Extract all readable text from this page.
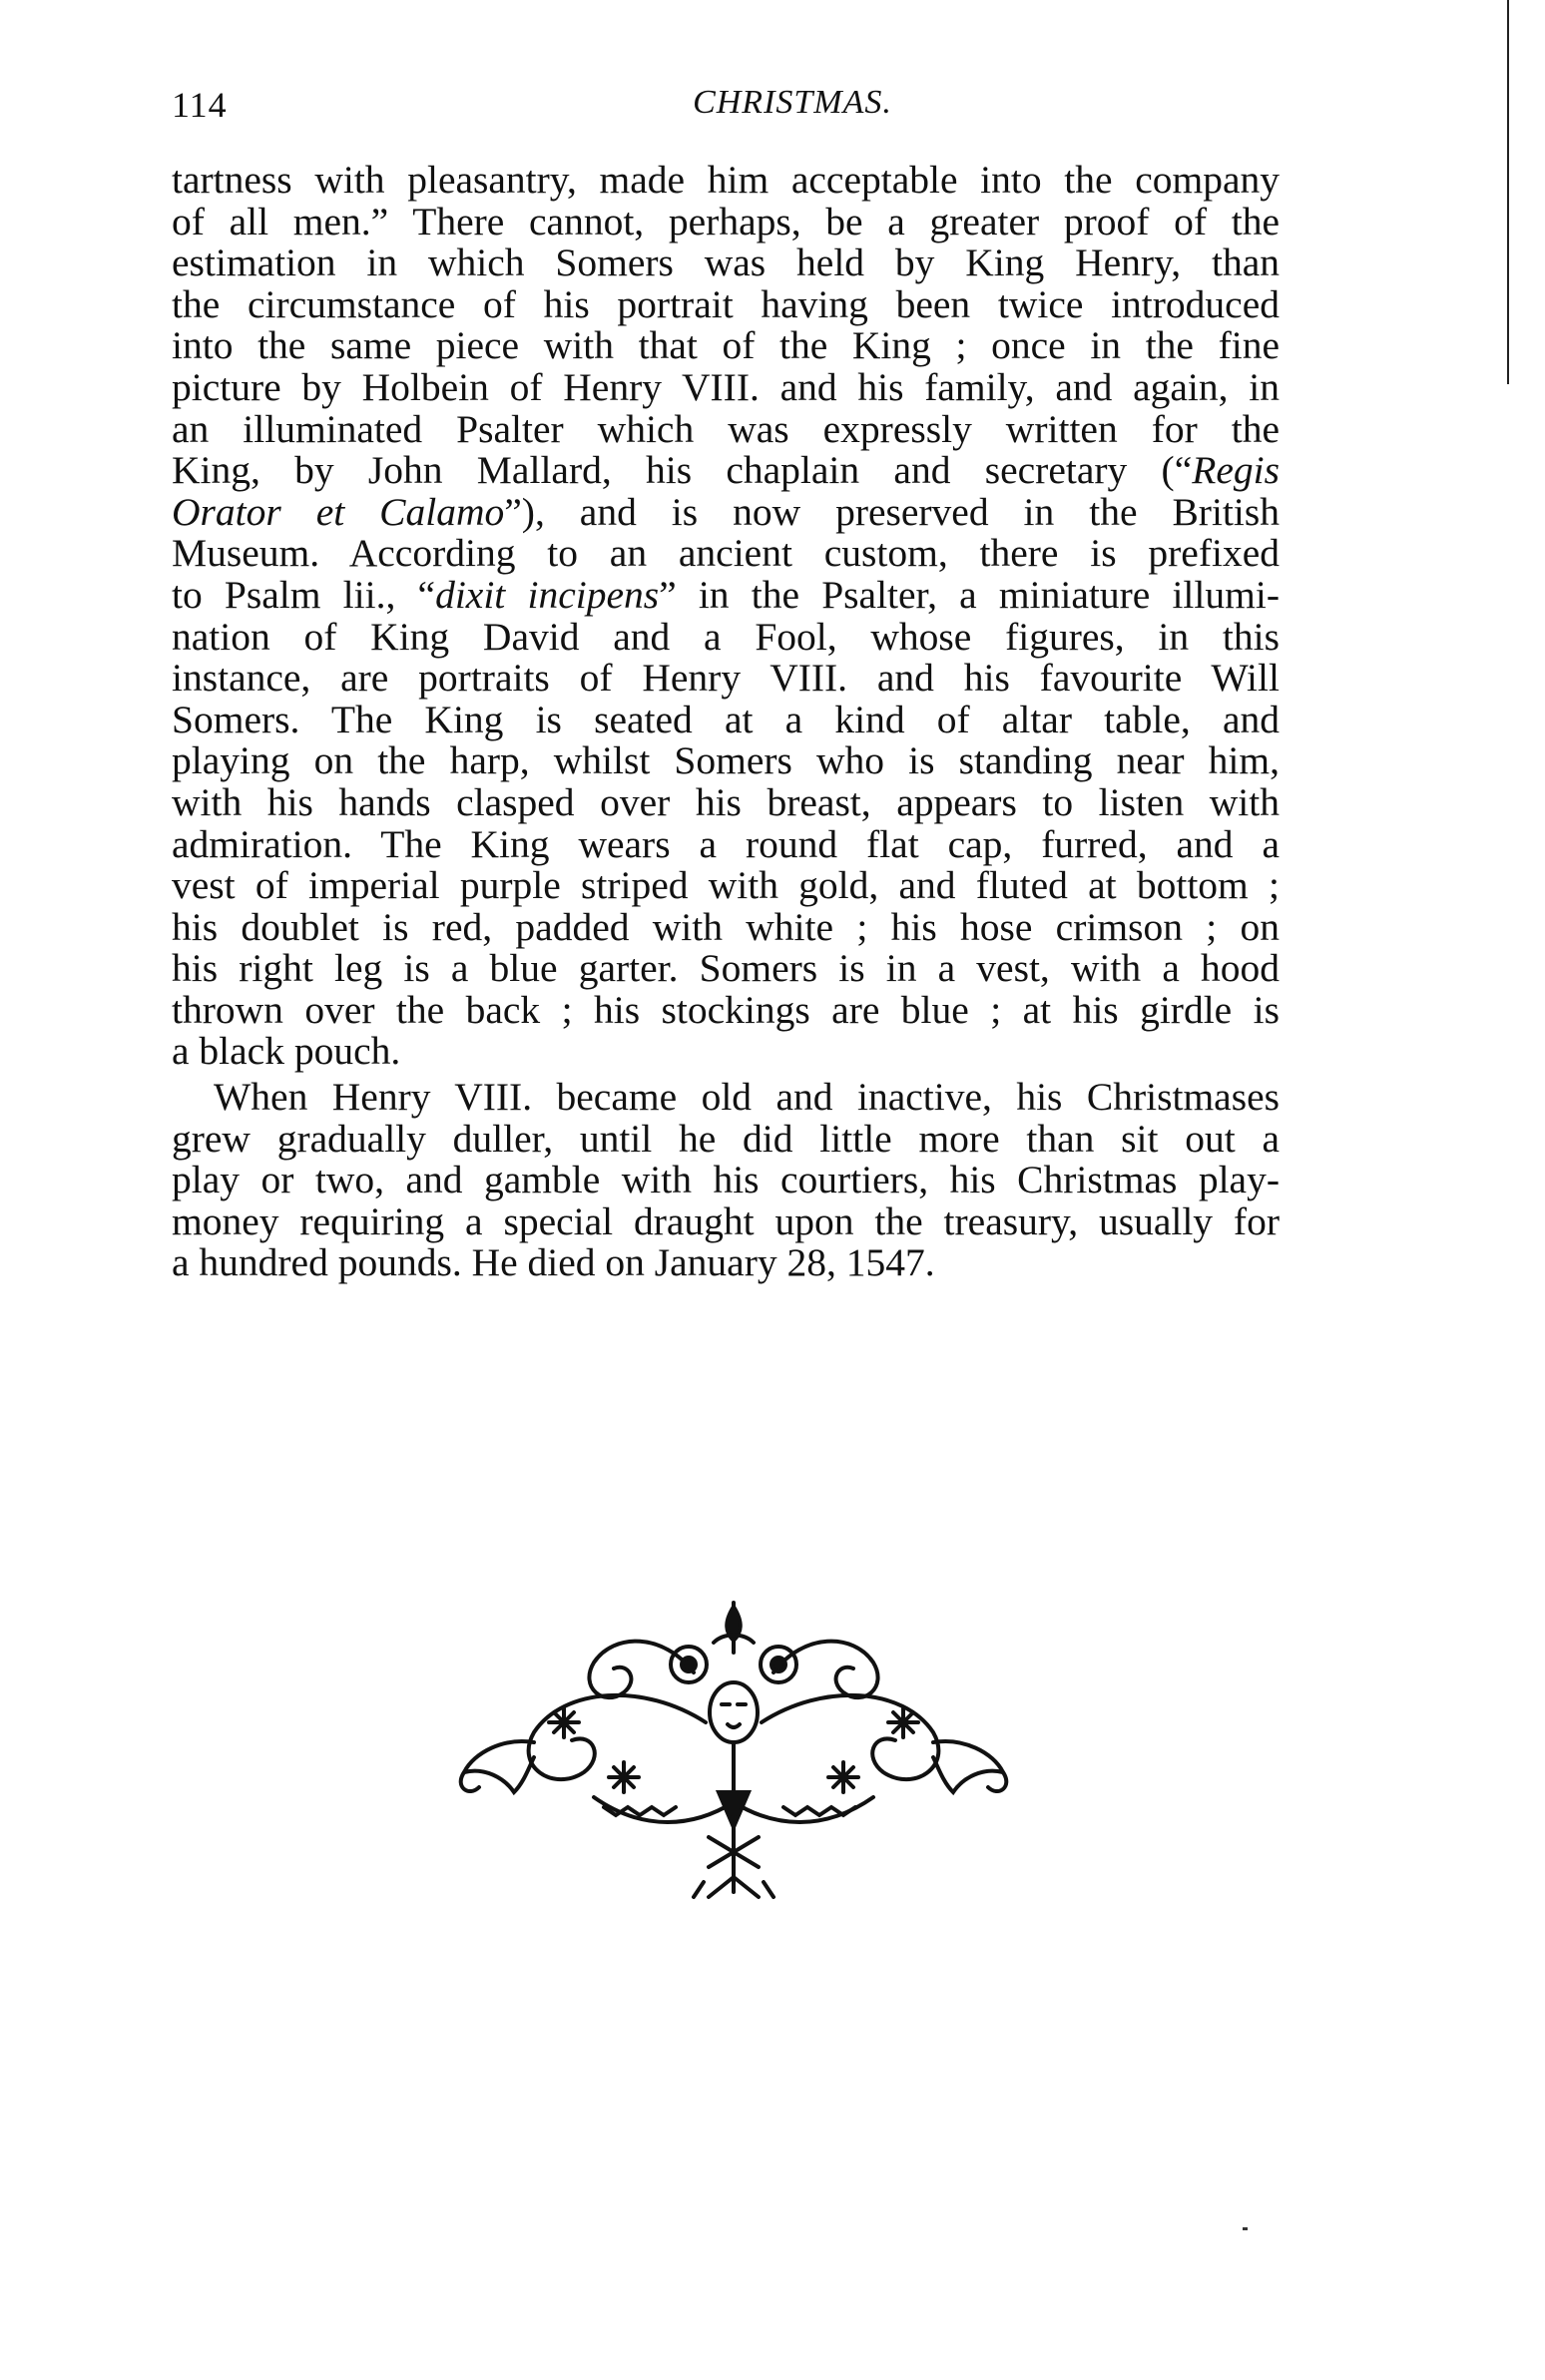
114	CHRISTMAS.

tartness with pleasantry, made him acceptable into the company
of all men.” There cannot, perhaps, be a greater proof of the
estimation in which Somers was held by King Henry, than
the circumstance of his portrait having been twice introduced
into the same piece with that of the King ; once in the fine
picture by Holbein of Henry VIII. and his family, and again, in
an illuminated Psalter which was expressly written for the
King, by John Mallard, his chaplain and secretary (“Regis
Orator et Calamo”), and is now preserved in the British
Museum. According to an ancient custom, there is prefixed
to Psalm lii., “dixit incipens” in the Psalter, a miniature illumi-
nation of King David and a Fool, whose figures, in this
instance, are portraits of Henry VIII. and his favourite Will
Somers. The King is seated at a kind of altar table, and
playing on the harp, whilst Somers who is standing near him,
with his hands clasped over his breast, appears to listen with
admiration. The King wears a round flat cap, furred, and a
vest of imperial purple striped with gold, and fluted at bottom ;
his doublet is red, padded with white ; his hose crimson ; on
his right leg is a blue garter. Somers is in a vest, with a hood
thrown over the back ; his stockings are blue ; at his girdle is
a black pouch.

When Henry VIII. became old and inactive, his Christmases
grew gradually duller, until he did little more than sit out a
play or two, and gamble with his courtiers, his Christmas play-
money requiring a special draught upon the treasury, usually for
a hundred pounds. He died on January 28, 1547.
